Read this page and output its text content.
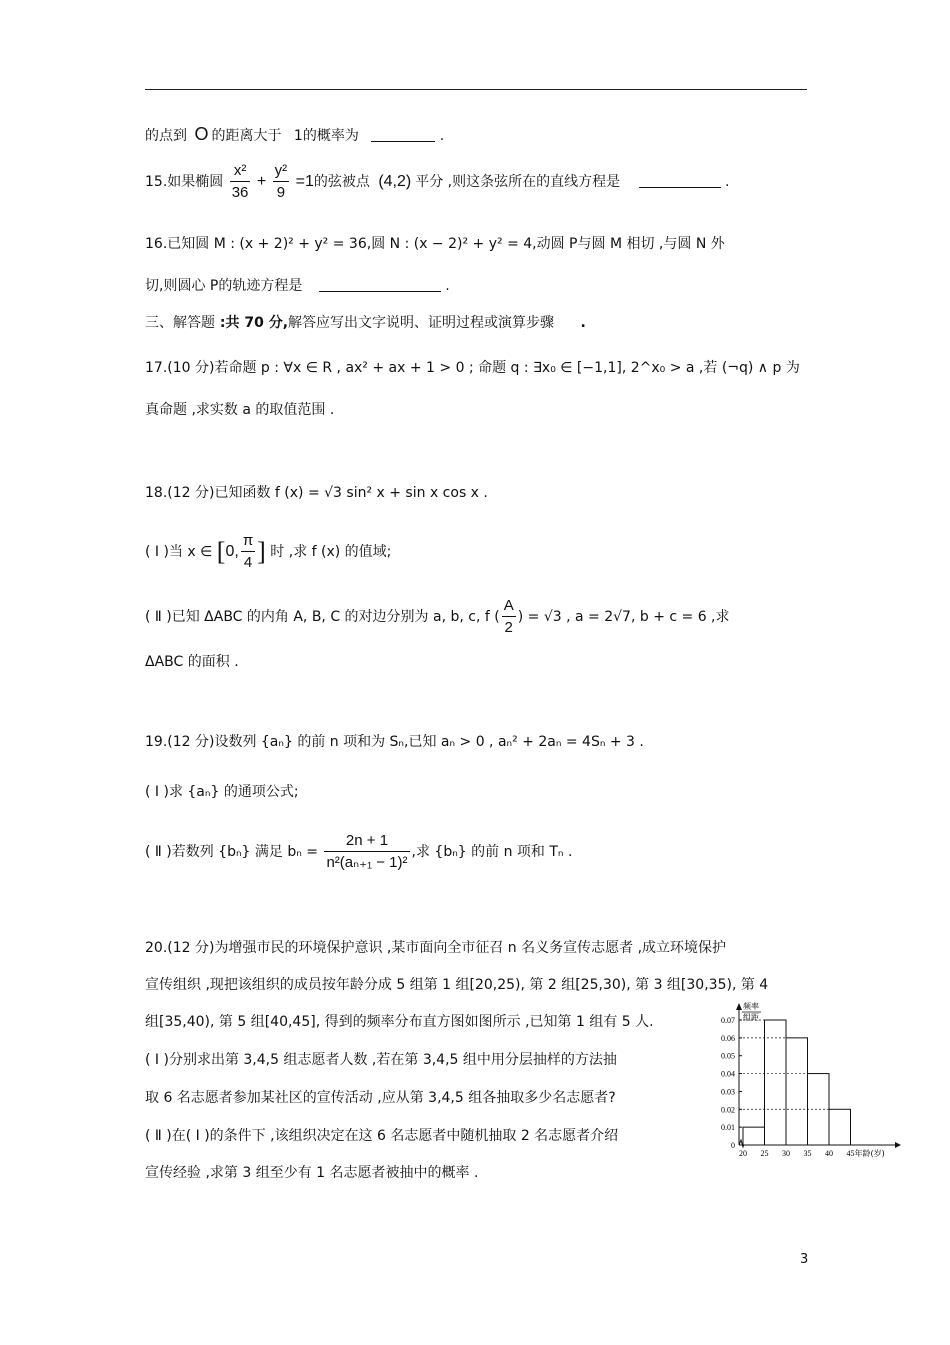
的点到 O 的距离大于 1的概率为	.
15.如果椭圆 $\frac{\text{x²}}{36} + \frac{\text{y²}}{9} =1$的弦被点 (4,2) 平分 ,则这条弦所在的直线方程是	.
16.已知圆 M : (x + 2)² + y² = 36,圆 N : (x − 2)² + y² = 4,动圆 P与圆 M 相切 ,与圆 N 外
切,则圆心 P的轨迹方程是	.
三、解答题 :共 70 分,解答应写出文字说明、证明过程或演算步骤 .
17.(10 分)若命题 p : ∀x ∈ R , ax² + ax + 1 > 0 ; 命题 q : ∃x₀ ∈ [−1,1], 2^x₀ > a ,若 (¬q) ∧ p 为
真命题 ,求实数 a 的取值范围 .
18.(12 分)已知函数 f (x) = √3 sin² x + sin x cos x .
( Ⅰ )当 x ∈ [0, $\frac{\pi}{4}$ ] 时 ,求 f (x) 的值域;
( Ⅱ )已知 ΔABC 的内角 A, B, C 的对边分别为 a, b, c, f ( $\frac{A}{2}$ ) = √3 , a = 2√7, b + c = 6 ,求
ΔABC 的面积 .
19.(12 分)设数列 {aₙ} 的前 n 项和为 Sₙ,已知 aₙ > 0 , aₙ² + 2aₙ = 4Sₙ + 3 .
( Ⅰ )求 {aₙ} 的通项公式;
( Ⅱ )若数列 {bₙ} 满足 $b_n = \frac{2n + 1}{\text{n²(aₙ₊₁ − 1)²}}$ ,求 {bₙ} 的前 n 项和 Tₙ .
20.(12 分)为增强市民的环境保护意识 ,某市面向全市征召 n 名义务宣传志愿者 ,成立环境保护
宣传组织 ,现把该组织的成员按年龄分成 5 组第 1 组[20,25), 第 2 组[25,30), 第 3 组[30,35), 第 4
组[35,40), 第 5 组[40,45], 得到的频率分布直方图如图所示 ,已知第 1 组有 5 人.
( Ⅰ )分别求出第 3,4,5 组志愿者人数 ,若在第 3,4,5 组中用分层抽样的方法抽
取 6 名志愿者参加某社区的宣传活动 ,应从第 3,4,5 组各抽取多少名志愿者?
( Ⅱ )在( Ⅰ )的条件下 ,该组织决定在这 6 名志愿者中随机抽取 2 名志愿者介绍
宣传经验 ,求第 3 组至少有 1 名志愿者被抽中的概率 .
0
0.01
0.02
0.03
0.04
0.05
0.06
0.07
20 25 30 35 40 45 年龄(岁)
频率
组距
3
